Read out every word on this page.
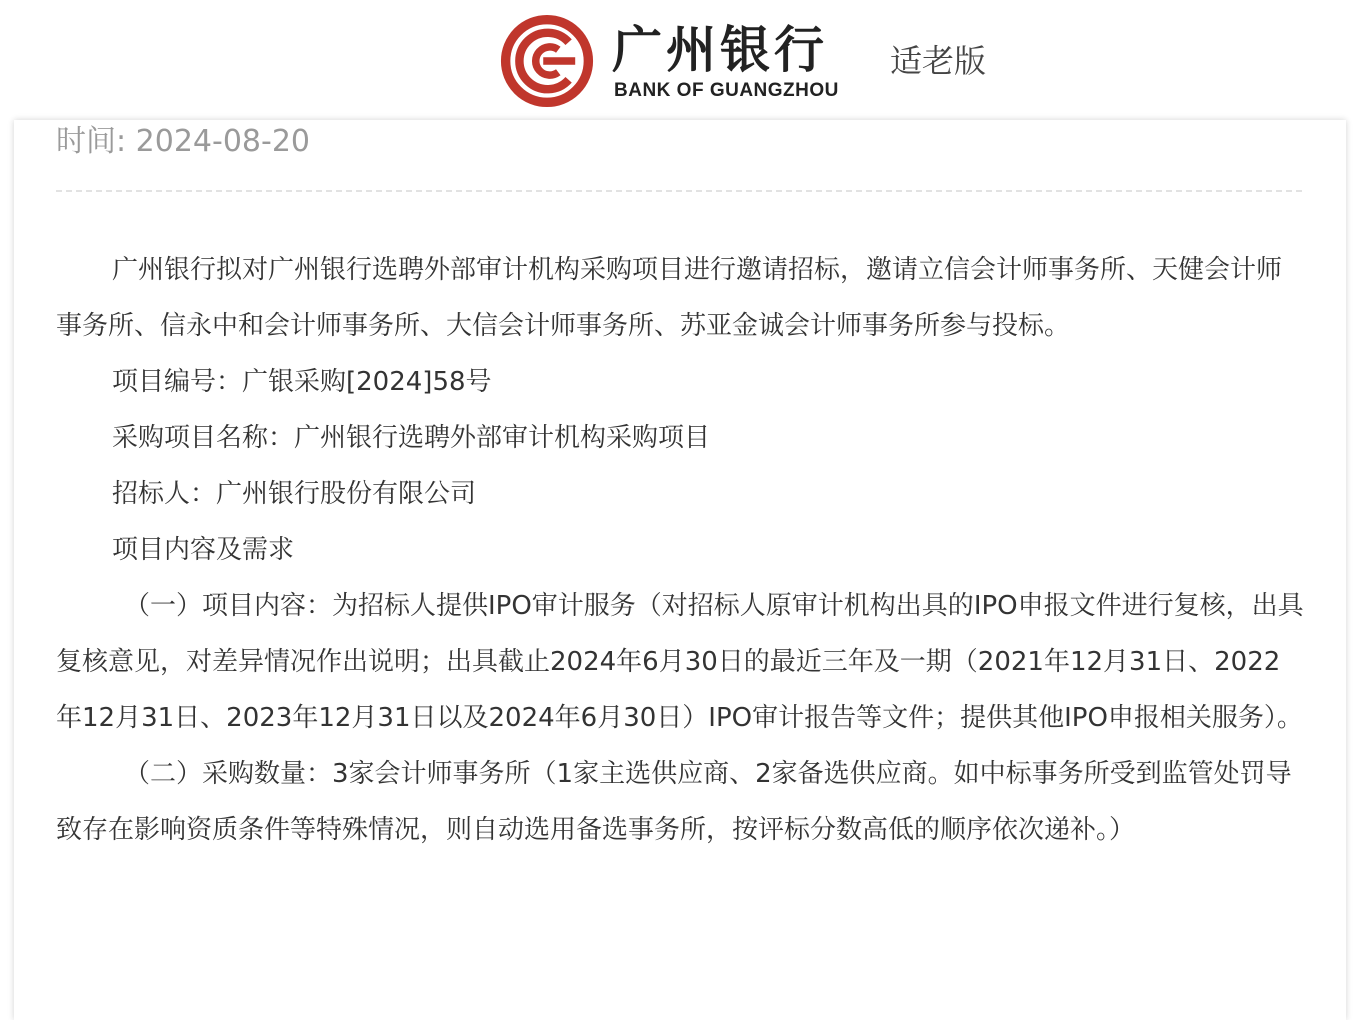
广州银行
BANK OF GUANGZHOU
适老版
时间: 2024-08-20

广州银行拟对广州银行选聘外部审计机构采购项目进行邀请招标，邀请立信会计师事务所、天健会计师事务所、信永中和会计师事务所、大信会计师事务所、苏亚金诚会计师事务所参与投标。

项目编号：广银采购[2024]58号

采购项目名称：广州银行选聘外部审计机构采购项目

招标人：广州银行股份有限公司

项目内容及需求

（一）项目内容：为招标人提供IPO审计服务（对招标人原审计机构出具的IPO申报文件进行复核，出具复核意见，对差异情况作出说明；出具截止2024年6月30日的最近三年及一期（2021年12月31日、2022年12月31日、2023年12月31日以及2024年6月30日）IPO审计报告等文件；提供其他IPO申报相关服务）。

（二）采购数量：3家会计师事务所（1家主选供应商、2家备选供应商。如中标事务所受到监管处罚导致存在影响资质条件等特殊情况，则自动选用备选事务所，按评标分数高低的顺序依次递补。）
